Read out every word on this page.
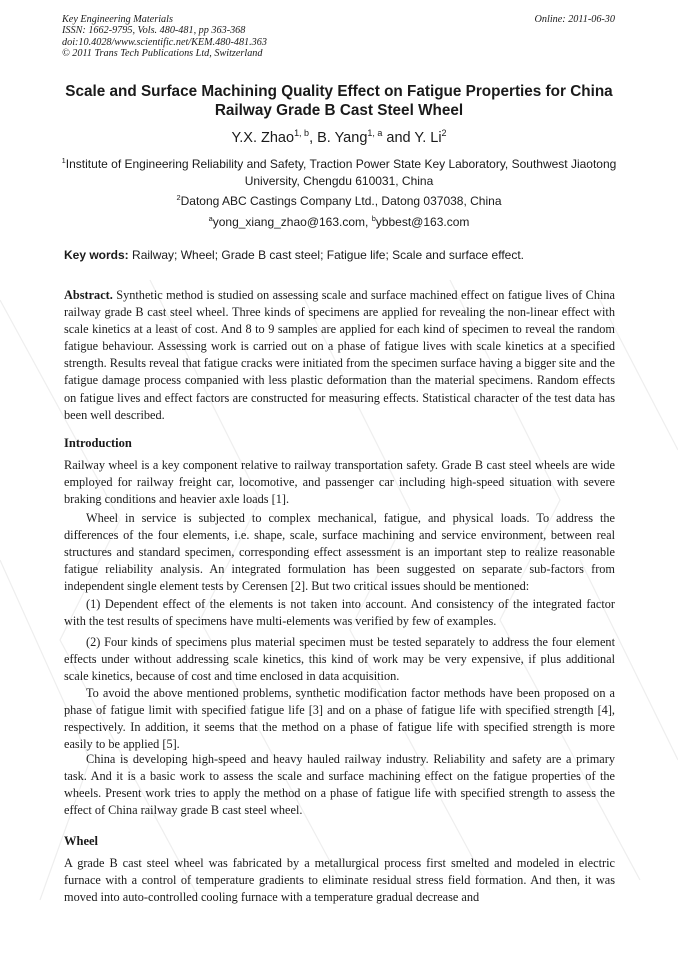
Key Engineering Materials
ISSN: 1662-9795, Vols. 480-481, pp 363-368
doi:10.4028/www.scientific.net/KEM.480-481.363
© 2011 Trans Tech Publications Ltd, Switzerland
Online: 2011-06-30
Scale and Surface Machining Quality Effect on Fatigue Properties for China Railway Grade B Cast Steel Wheel
Y.X. Zhao$^{1, b}$, B. Yang$^{1, a}$ and Y. Li$^2$
$^1$Institute of Engineering Reliability and Safety, Traction Power State Key Laboratory, Southwest Jiaotong University, Chengdu 610031, China
$^2$Datong ABC Castings Company Ltd., Datong 037038, China
$^a$yong_xiang_zhao@163.com, $^b$ybbest@163.com
Key words: Railway; Wheel; Grade B cast steel; Fatigue life; Scale and surface effect.

Abstract. Synthetic method is studied on assessing scale and surface machined effect on fatigue lives of China railway grade B cast steel wheel. Three kinds of specimens are applied for revealing the non-linear effect with scale kinetics at a least of cost. And 8 to 9 samples are applied for each kind of specimen to reveal the random fatigue behaviour. Assessing work is carried out on a phase of fatigue lives with scale kinetics at a specified strength. Results reveal that fatigue cracks were initiated from the specimen surface having a bigger site and the fatigue damage process companied with less plastic deformation than the material specimens. Random effects on fatigue lives and effect factors are constructed for measuring effects. Statistical character of the test data has been well described.

Introduction

Railway wheel is a key component relative to railway transportation safety. Grade B cast steel wheels are wide employed for railway freight car, locomotive, and passenger car including high-speed situation with severe braking conditions and heavier axle loads [1].

Wheel in service is subjected to complex mechanical, fatigue, and physical loads. To address the differences of the four elements, i.e. shape, scale, surface machining and service environment, between real structures and standard specimen, corresponding effect assessment is an important step to realize reasonable fatigue reliability analysis. An integrated formulation has been suggested on separate sub-factors from independent single element tests by Cerensen [2]. But two critical issues should be mentioned:

(1) Dependent effect of the elements is not taken into account. And consistency of the integrated factor with the test results of specimens have multi-elements was verified by few of examples.

(2) Four kinds of specimens plus material specimen must be tested separately to address the four element effects under without addressing scale kinetics, this kind of work may be very expensive, if plus additional scale kinetics, because of cost and time enclosed in data acquisition.

To avoid the above mentioned problems, synthetic modification factor methods have been proposed on a phase of fatigue limit with specified fatigue life [3] and on a phase of fatigue life with specified strength [4], respectively. In addition, it seems that the method on a phase of fatigue life with specified strength is more easily to be applied [5].

China is developing high-speed and heavy hauled railway industry. Reliability and safety are a primary task. And it is a basic work to assess the scale and surface machining effect on the fatigue properties of the wheels. Present work tries to apply the method on a phase of fatigue life with specified strength to assess the effect of China railway grade B cast steel wheel.

Wheel

A grade B cast steel wheel was fabricated by a metallurgical process first smelted and modeled in electric furnace with a control of temperature gradients to eliminate residual stress field formation. And then, it was moved into auto-controlled cooling furnace with a temperature gradual decrease and
